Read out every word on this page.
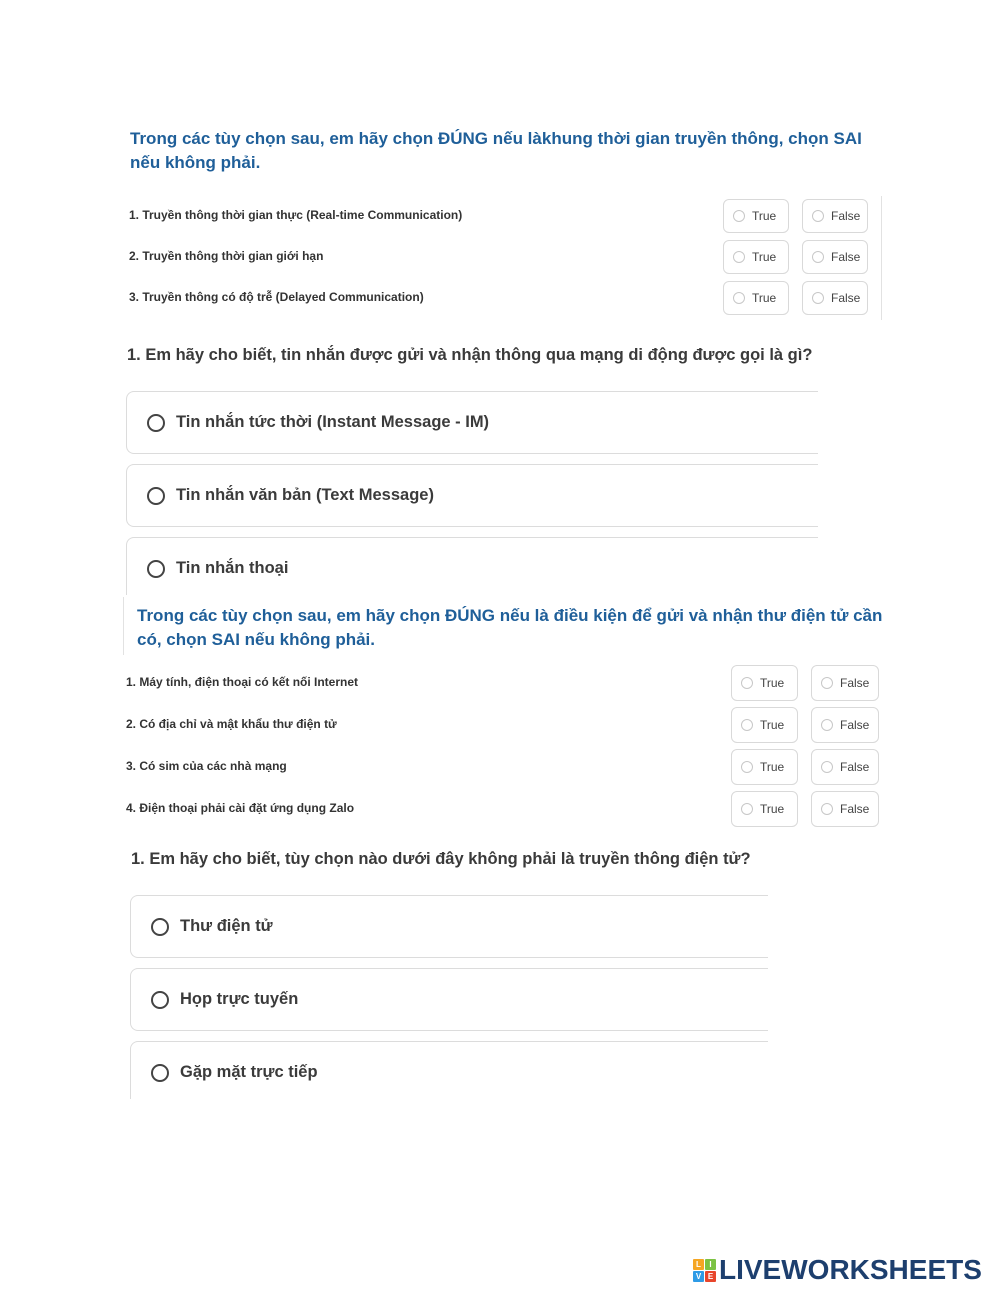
Trong các tùy chọn sau, em hãy chọn ĐÚNG nếu làkhung thời gian truyền thông, chọn SAI
nếu không phải.
1. Truyền thông thời gian thực (Real-time Communication)	True	False
2. Truyền thông thời gian giới hạn	True	False
3. Truyền thông có độ trễ (Delayed Communication)	True	False
1. Em hãy cho biết, tin nhắn được gửi và nhận thông qua mạng di động được gọi là gì?
Tin nhắn tức thời (Instant Message - IM)
Tin nhắn văn bản (Text Message)
Tin nhắn thoại
Trong các tùy chọn sau, em hãy chọn ĐÚNG nếu là điều kiện để gửi và nhận thư điện tử cần
có, chọn SAI nếu không phải.
1. Máy tính, điện thoại có kết nối Internet	True	False
2. Có địa chỉ và mật khẩu thư điện tử	True	False
3. Có sim của các nhà mạng	True	False
4. Điện thoại phải cài đặt ứng dụng Zalo	True	False
1. Em hãy cho biết, tùy chọn nào dưới đây không phải là truyền thông điện tử?
Thư điện tử
Họp trực tuyến
Gặp mặt trực tiếp
L	I
V E LIVEWORKSHEETS
